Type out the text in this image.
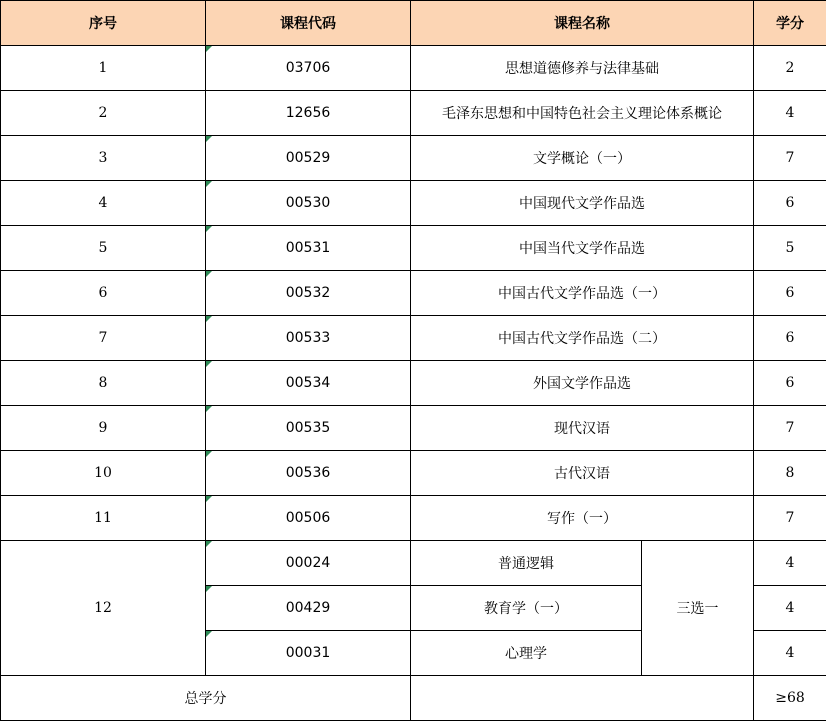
序号	课程代码	课程名称		学分
1	03706	思想道德修养与法律基础		2
2	12656	毛泽东思想和中国特色社会主义理论体系概论		4
3	00529	文学概论（一）		7
4	00530	中国现代文学作品选		6
5	00531	中国当代文学作品选		5
6	00532	中国古代文学作品选（一）		6
7	00533	中国古代文学作品选（二）		6
8	00534	外国文学作品选		6
9	00535	现代汉语		7
10	00536	古代汉语		8
11	00506	写作（一）		7
12	00024	普通逻辑	三选一	4
	00429	教育学（一）		4
	00031	心理学		4
总学分				≥68
